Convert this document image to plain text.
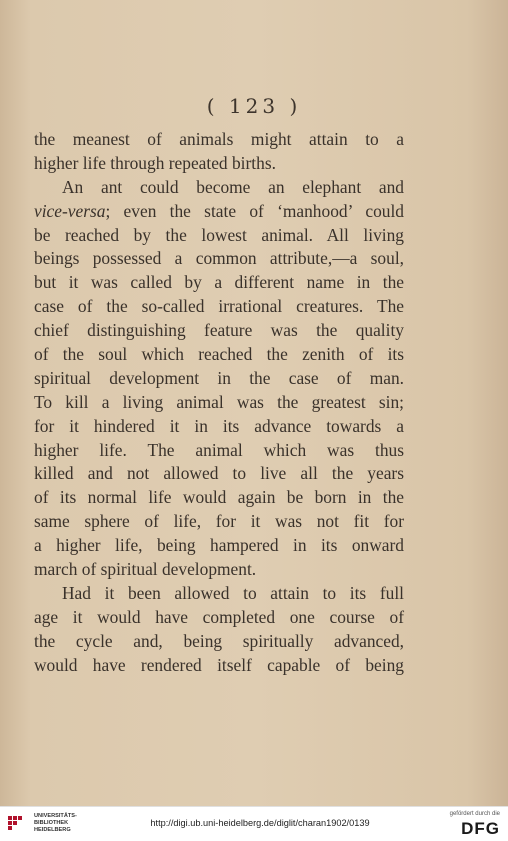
( 123 )
the meanest of animals might attain to a
higher life through repeated births.
An ant could become an elephant and
vice-versa; even the state of ‘manhood’ could
be reached by the lowest animal. All living
beings possessed a common attribute,—a soul,
but it was called by a different name in the
case of the so-called irrational creatures. The
chief distinguishing feature was the quality
of the soul which reached the zenith of its
spiritual development in the case of man.
To kill a living animal was the greatest sin;
for it hindered it in its advance towards a
higher life. The animal which was thus
killed and not allowed to live all the years
of its normal life would again be born in the
same sphere of life, for it was not fit for
a higher life, being hampered in its onward
march of spiritual development.
Had it been allowed to attain to its full
age it would have completed one course of
the cycle and, being spiritually advanced,
would have rendered itself capable of being
UNIVERSITÄTS-
BIBLIOTHEK
HEIDELBERG
http://digi.ub.uni-heidelberg.de/diglit/charan1902/0139
gefördert durch die
DFG
